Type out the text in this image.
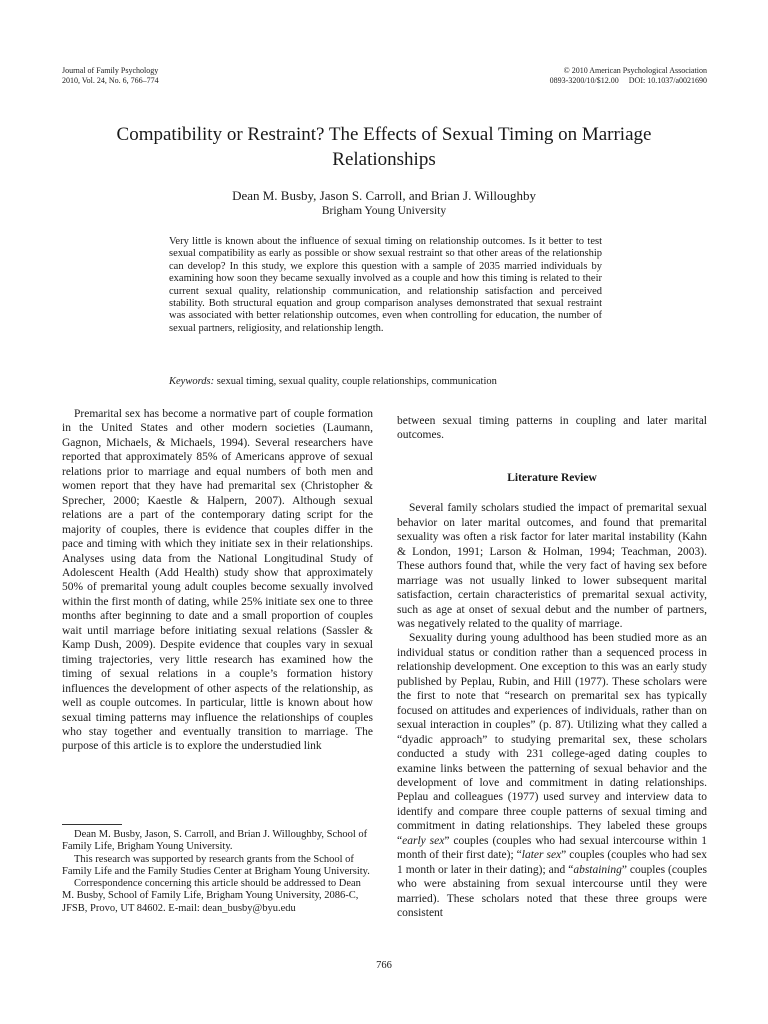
Journal of Family Psychology
2010, Vol. 24, No. 6, 766–774
© 2010 American Psychological Association
0893-3200/10/$12.00     DOI: 10.1037/a0021690
Compatibility or Restraint? The Effects of Sexual Timing on Marriage Relationships
Dean M. Busby, Jason S. Carroll, and Brian J. Willoughby
Brigham Young University

Very little is known about the influence of sexual timing on relationship outcomes. Is it better to test sexual compatibility as early as possible or show sexual restraint so that other areas of the relationship can develop? In this study, we explore this question with a sample of 2035 married individuals by examining how soon they became sexually involved as a couple and how this timing is related to their current sexual quality, relationship communication, and relationship satisfaction and perceived stability. Both structural equation and group comparison analyses demonstrated that sexual restraint was associated with better relationship outcomes, even when controlling for education, the number of sexual partners, religiosity, and relationship length.

Keywords: sexual timing, sexual quality, couple relationships, communication

Premarital sex has become a normative part of couple formation in the United States and other modern societies (Laumann, Gagnon, Michaels, & Michaels, 1994). Several researchers have reported that approximately 85% of Americans approve of sexual relations prior to marriage and equal numbers of both men and women report that they have had premarital sex (Christopher & Sprecher, 2000; Kaestle & Halpern, 2007). Although sexual relations are a part of the contemporary dating script for the majority of couples, there is evidence that couples differ in the pace and timing with which they initiate sex in their relationships. Analyses using data from the National Longitudinal Study of Adolescent Health (Add Health) study show that approximately 50% of premarital young adult couples become sexually involved within the first month of dating, while 25% initiate sex one to three months after beginning to date and a small proportion of couples wait until marriage before initiating sexual relations (Sassler & Kamp Dush, 2009). Despite evidence that couples vary in sexual timing trajectories, very little research has examined how the timing of sexual relations in a couple’s formation history influences the development of other aspects of the relationship, as well as couple outcomes. In particular, little is known about how sexual timing patterns may influence the relationships of couples who stay together and eventually transition to marriage. The purpose of this article is to explore the understudied link

between sexual timing patterns in coupling and later marital outcomes.

Literature Review

Several family scholars studied the impact of premarital sexual behavior on later marital outcomes, and found that premarital sexuality was often a risk factor for later marital instability (Kahn & London, 1991; Larson & Holman, 1994; Teachman, 2003). These authors found that, while the very fact of having sex before marriage was not usually linked to lower subsequent marital satisfaction, certain characteristics of premarital sexual activity, such as age at onset of sexual debut and the number of partners, was negatively related to the quality of marriage.

Sexuality during young adulthood has been studied more as an individual status or condition rather than a sequenced process in relationship development. One exception to this was an early study published by Peplau, Rubin, and Hill (1977). These scholars were the first to note that “research on premarital sex has typically focused on attitudes and experiences of individuals, rather than on sexual interaction in couples” (p. 87). Utilizing what they called a “dyadic approach” to studying premarital sex, these scholars conducted a study with 231 college-aged dating couples to examine links between the patterning of sexual behavior and the development of love and commitment in dating relationships. Peplau and colleagues (1977) used survey and interview data to identify and compare three couple patterns of sexual timing and commitment in dating relationships. They labeled these groups “early sex” couples (couples who had sexual intercourse within 1 month of their first date); “later sex” couples (couples who had sex 1 month or later in their dating); and “abstaining” couples (couples who were abstaining from sexual intercourse until they were married). These scholars noted that these three groups were consistent

Dean M. Busby, Jason, S. Carroll, and Brian J. Willoughby, School of Family Life, Brigham Young University.

This research was supported by research grants from the School of Family Life and the Family Studies Center at Brigham Young University.

Correspondence concerning this article should be addressed to Dean M. Busby, School of Family Life, Brigham Young University, 2086-C, JFSB, Provo, UT 84602. E-mail: dean_busby@byu.edu

766
